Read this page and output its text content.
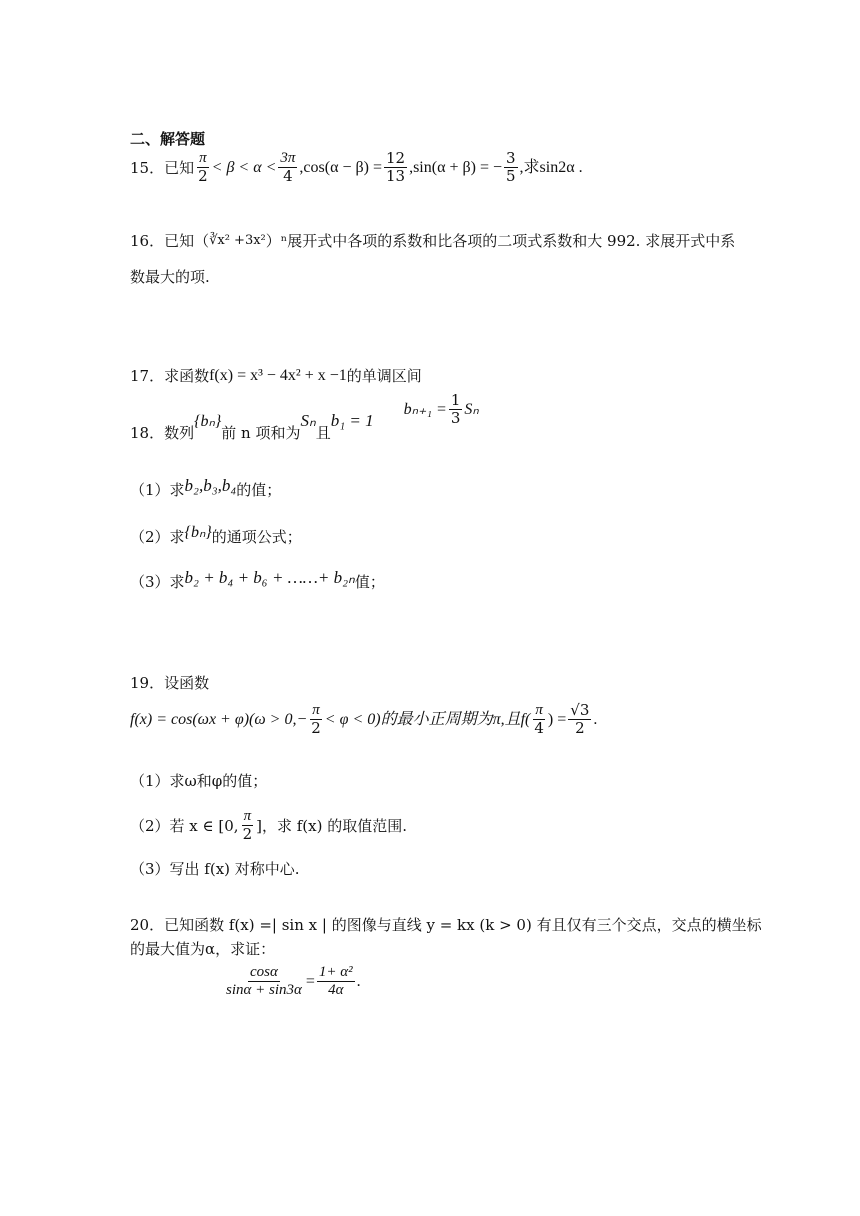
二、解答题
15．已知 $\frac{\pi}{2} < \beta < \alpha < \frac{3\pi}{4} ,\cos(\alpha - \beta) = \frac{12}{13} ,\sin(\alpha + \beta)$ = − $\frac{3}{5}$ ,求sin2α .
16．已知（ ∛x² +3x² ）ⁿ展开式中各项的系数和比各项的二项式系数和大 992. 求展开式中系
数最大的项.
17．求函数 f(x) = x³ − 4x² + x −1 的单调区间
18．数列
{bₙ}
前 n 项和为
Sₙ
且
b₁ = 1
$b_{n+1} = \frac{1}{3}$ Sₙ
（1）求 b₂,b₃,b₄ 的值；
（2）求 {bₙ} 的通项公式；
（3）求 b₂ + b₄ + b₆ + ……+ b₂ₙ 值；
19．设函数
$f(x) = \cos(\omega x + \varphi)(\omega > 0,- \frac{\pi}{2} < \varphi < 0)$的最小正周期为π,且$f( \frac{\pi}{4}$ ) = $\frac{√3}{2}$ .
（1）求ω和φ的值；
（2）若 x ∈ [0, $\frac{\pi}{2}$ ]，求 f(x) 的取值范围.
（3）写出 f(x) 对称中心.
20．已知函数 f(x) =| sin x | 的图像与直线 y = kx (k > 0) 有且仅有三个交点，交点的横坐标
的最大值为α，求证：
$\frac{\cos\alpha}{\sin\alpha + \sin 3\alpha} = \frac{\text{1+ α²}}{4\alpha}$ .
